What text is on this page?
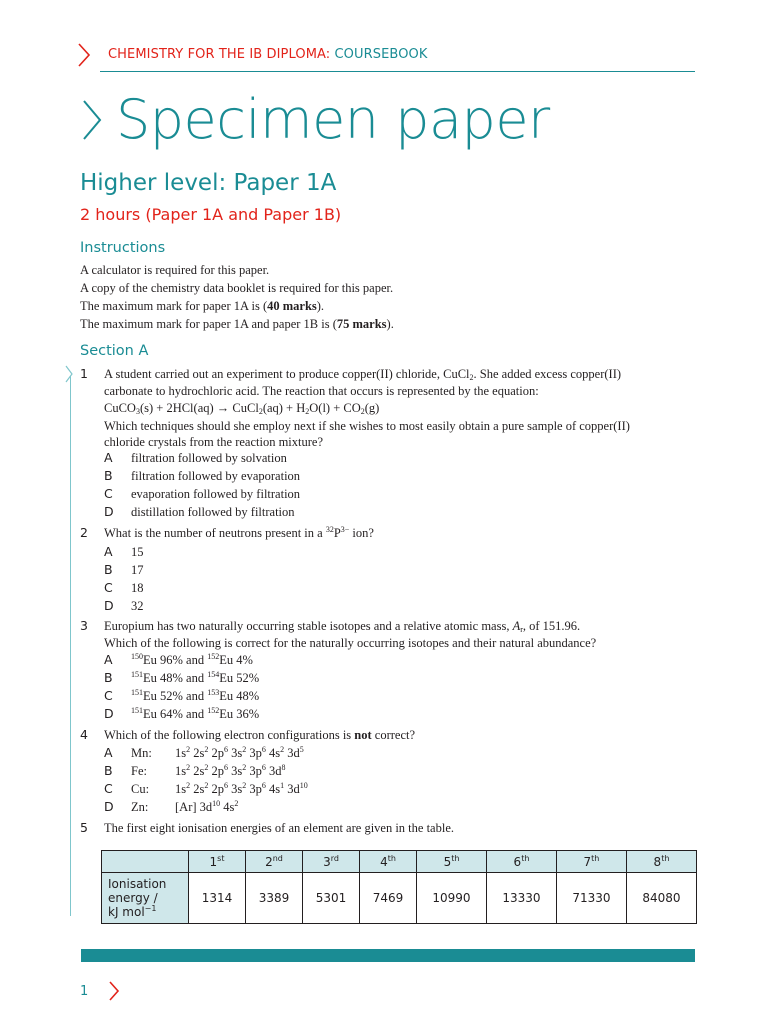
CHEMISTRY FOR THE IB DIPLOMA: COURSEBOOK
Specimen paper
Higher level: Paper 1A
2 hours (Paper 1A and Paper 1B)
Instructions
A calculator is required for this paper.
A copy of the chemistry data booklet is required for this paper.
The maximum mark for paper 1A is (40 marks).
The maximum mark for paper 1A and paper 1B is (75 marks).
Section A
1 A student carried out an experiment to produce copper(II) chloride, CuCl$_2$. She added excess copper(II)

carbonate to hydrochloric acid. The reaction that occurs is represented by the equation:

CuCO$_3$(s) + 2HCl(aq) → CuCl$_2$(aq) + $H_2O(l) + CO_2(g)$

Which techniques should she employ next if she wishes to most easily obtain a pure sample of copper(II)

chloride crystals from the reaction mixture?

A filtration followed by solvation
B filtration followed by evaporation
C evaporation followed by filtration
D distillation followed by filtration
2 What is the number of neutrons present in a $^{32}P^{3-}$ ion?

A 15
B 17
C 18
D 32
3 Europium has two naturally occurring stable isotopes and a relative atomic mass, $A_r$, of 151.96.

Which of the following is correct for the naturally occurring isotopes and their natural abundance?

A $^{150}$Eu 96% and $^{152}$Eu 4%
B $^{151}$Eu 48% and $^{154}$Eu 52%
C $^{151}$Eu 52% and $^{153}$Eu 48%
D $^{151}$Eu 64% and $^{152}$Eu 36%
4 Which of the following electron configurations is not correct?

A Mn: $1s^2$ $2s^2$ $2p^6$ $3s^2$ $3p^6$ $4s^2$ $3d^5$
B Fe: $1s^2$ $2s^2$ $2p^6$ $3s^2$ $3p^6$ $3d^8$
C Cu: $1s^2$ $2s^2$ $2p^6$ $3s^2$ $3p^6$ $4s^1$ $3d^{10}$
D Zn: [Ar] $3d^{10}$ $4s^2$
5 The first eight ionisation energies of an element are given in the table.

	1st	2nd	3rd	4th	5th	6th	7th	8th
Ionisation
energy /
kJ mol$^{-1}$	1314	3389	5301	7469	10990	13330	71330	84080
1
